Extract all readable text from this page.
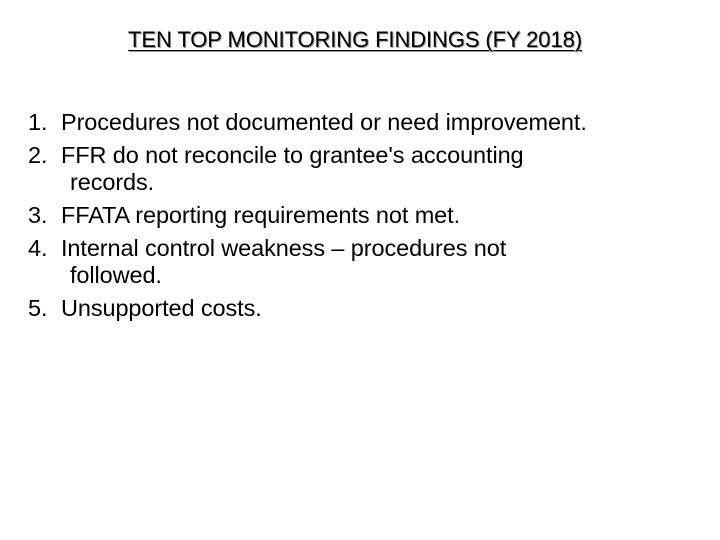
TEN TOP MONITORING FINDINGS (FY 2018)
1. Procedures not documented or need improvement.
2. FFR do not reconcile to grantee's accounting
records.
3. FFATA reporting requirements not met.
4. Internal control weakness – procedures not
followed.
5. Unsupported costs.
